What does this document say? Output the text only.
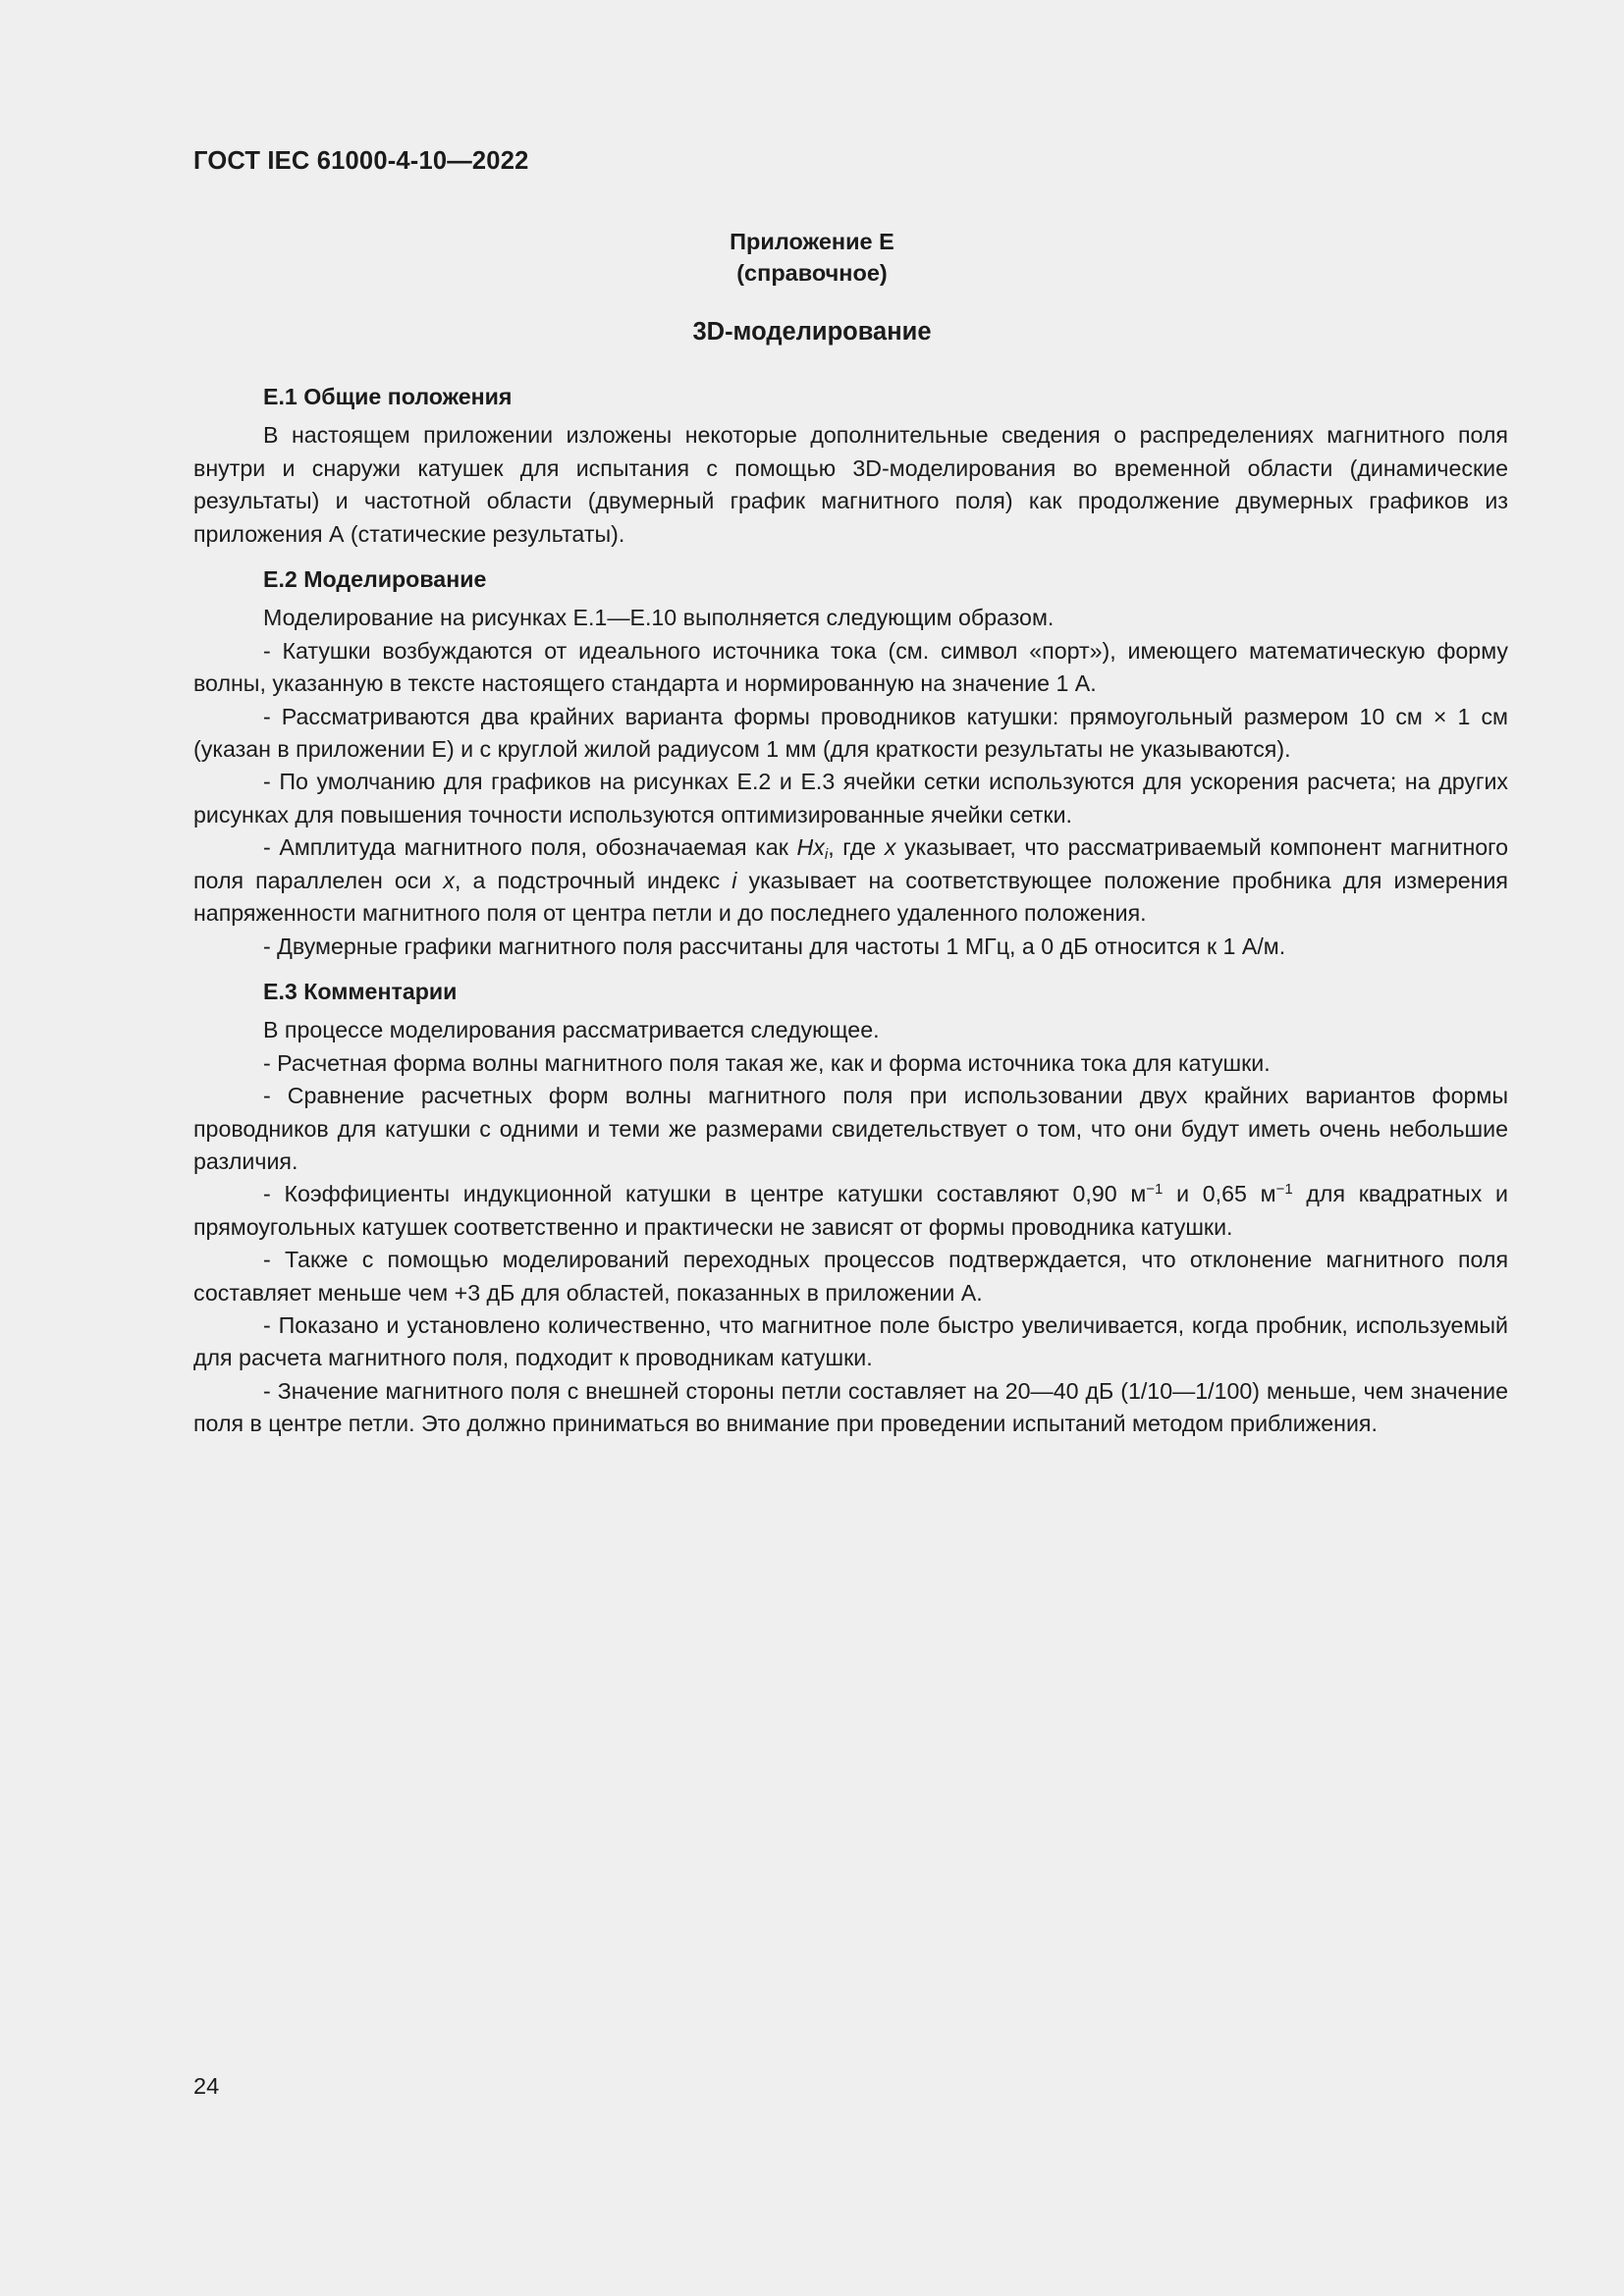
ГОСТ IEC 61000-4-10—2022
Приложение Е
(справочное)
3D-моделирование
Е.1 Общие положения

В настоящем приложении изложены некоторые дополнительные сведения о распределениях магнитного поля внутри и снаружи катушек для испытания с помощью 3D-моделирования во временной области (динамические результаты) и частотной области (двумерный график магнитного поля) как продолжение двумерных графиков из приложения А (статические результаты).

Е.2 Моделирование

Моделирование на рисунках Е.1—Е.10 выполняется следующим образом.

- Катушки возбуждаются от идеального источника тока (см. символ «порт»), имеющего математическую форму волны, указанную в тексте настоящего стандарта и нормированную на значение 1 А.

- Рассматриваются два крайних варианта формы проводников катушки: прямоугольный размером 10 см × 1 см (указан в приложении Е) и с круглой жилой радиусом 1 мм (для краткости результаты не указываются).

- По умолчанию для графиков на рисунках Е.2 и Е.3 ячейки сетки используются для ускорения расчета; на других рисунках для повышения точности используются оптимизированные ячейки сетки.

- Амплитуда магнитного поля, обозначаемая как $Hx_i$, где x указывает, что рассматриваемый компонент магнитного поля параллелен оси x, а подстрочный индекс i указывает на соответствующее положение пробника для измерения напряженности магнитного поля от центра петли и до последнего удаленного положения.

- Двумерные графики магнитного поля рассчитаны для частоты 1 МГц, а 0 дБ относится к 1 А/м.

Е.3 Комментарии

В процессе моделирования рассматривается следующее.

- Расчетная форма волны магнитного поля такая же, как и форма источника тока для катушки.

- Сравнение расчетных форм волны магнитного поля при использовании двух крайних вариантов формы проводников для катушки с одними и теми же размерами свидетельствует о том, что они будут иметь очень небольшие различия.

- Коэффициенты индукционной катушки в центре катушки составляют 0,90 $м^{-1}$ и 0,65 $м^{-1}$ для квадратных и прямоугольных катушек соответственно и практически не зависят от формы проводника катушки.

- Также с помощью моделирований переходных процессов подтверждается, что отклонение магнитного поля составляет меньше чем +3 дБ для областей, показанных в приложении А.

- Показано и установлено количественно, что магнитное поле быстро увеличивается, когда пробник, используемый для расчета магнитного поля, подходит к проводникам катушки.

- Значение магнитного поля с внешней стороны петли составляет на 20—40 дБ (1/10—1/100) меньше, чем значение поля в центре петли. Это должно приниматься во внимание при проведении испытаний методом приближения.

24
